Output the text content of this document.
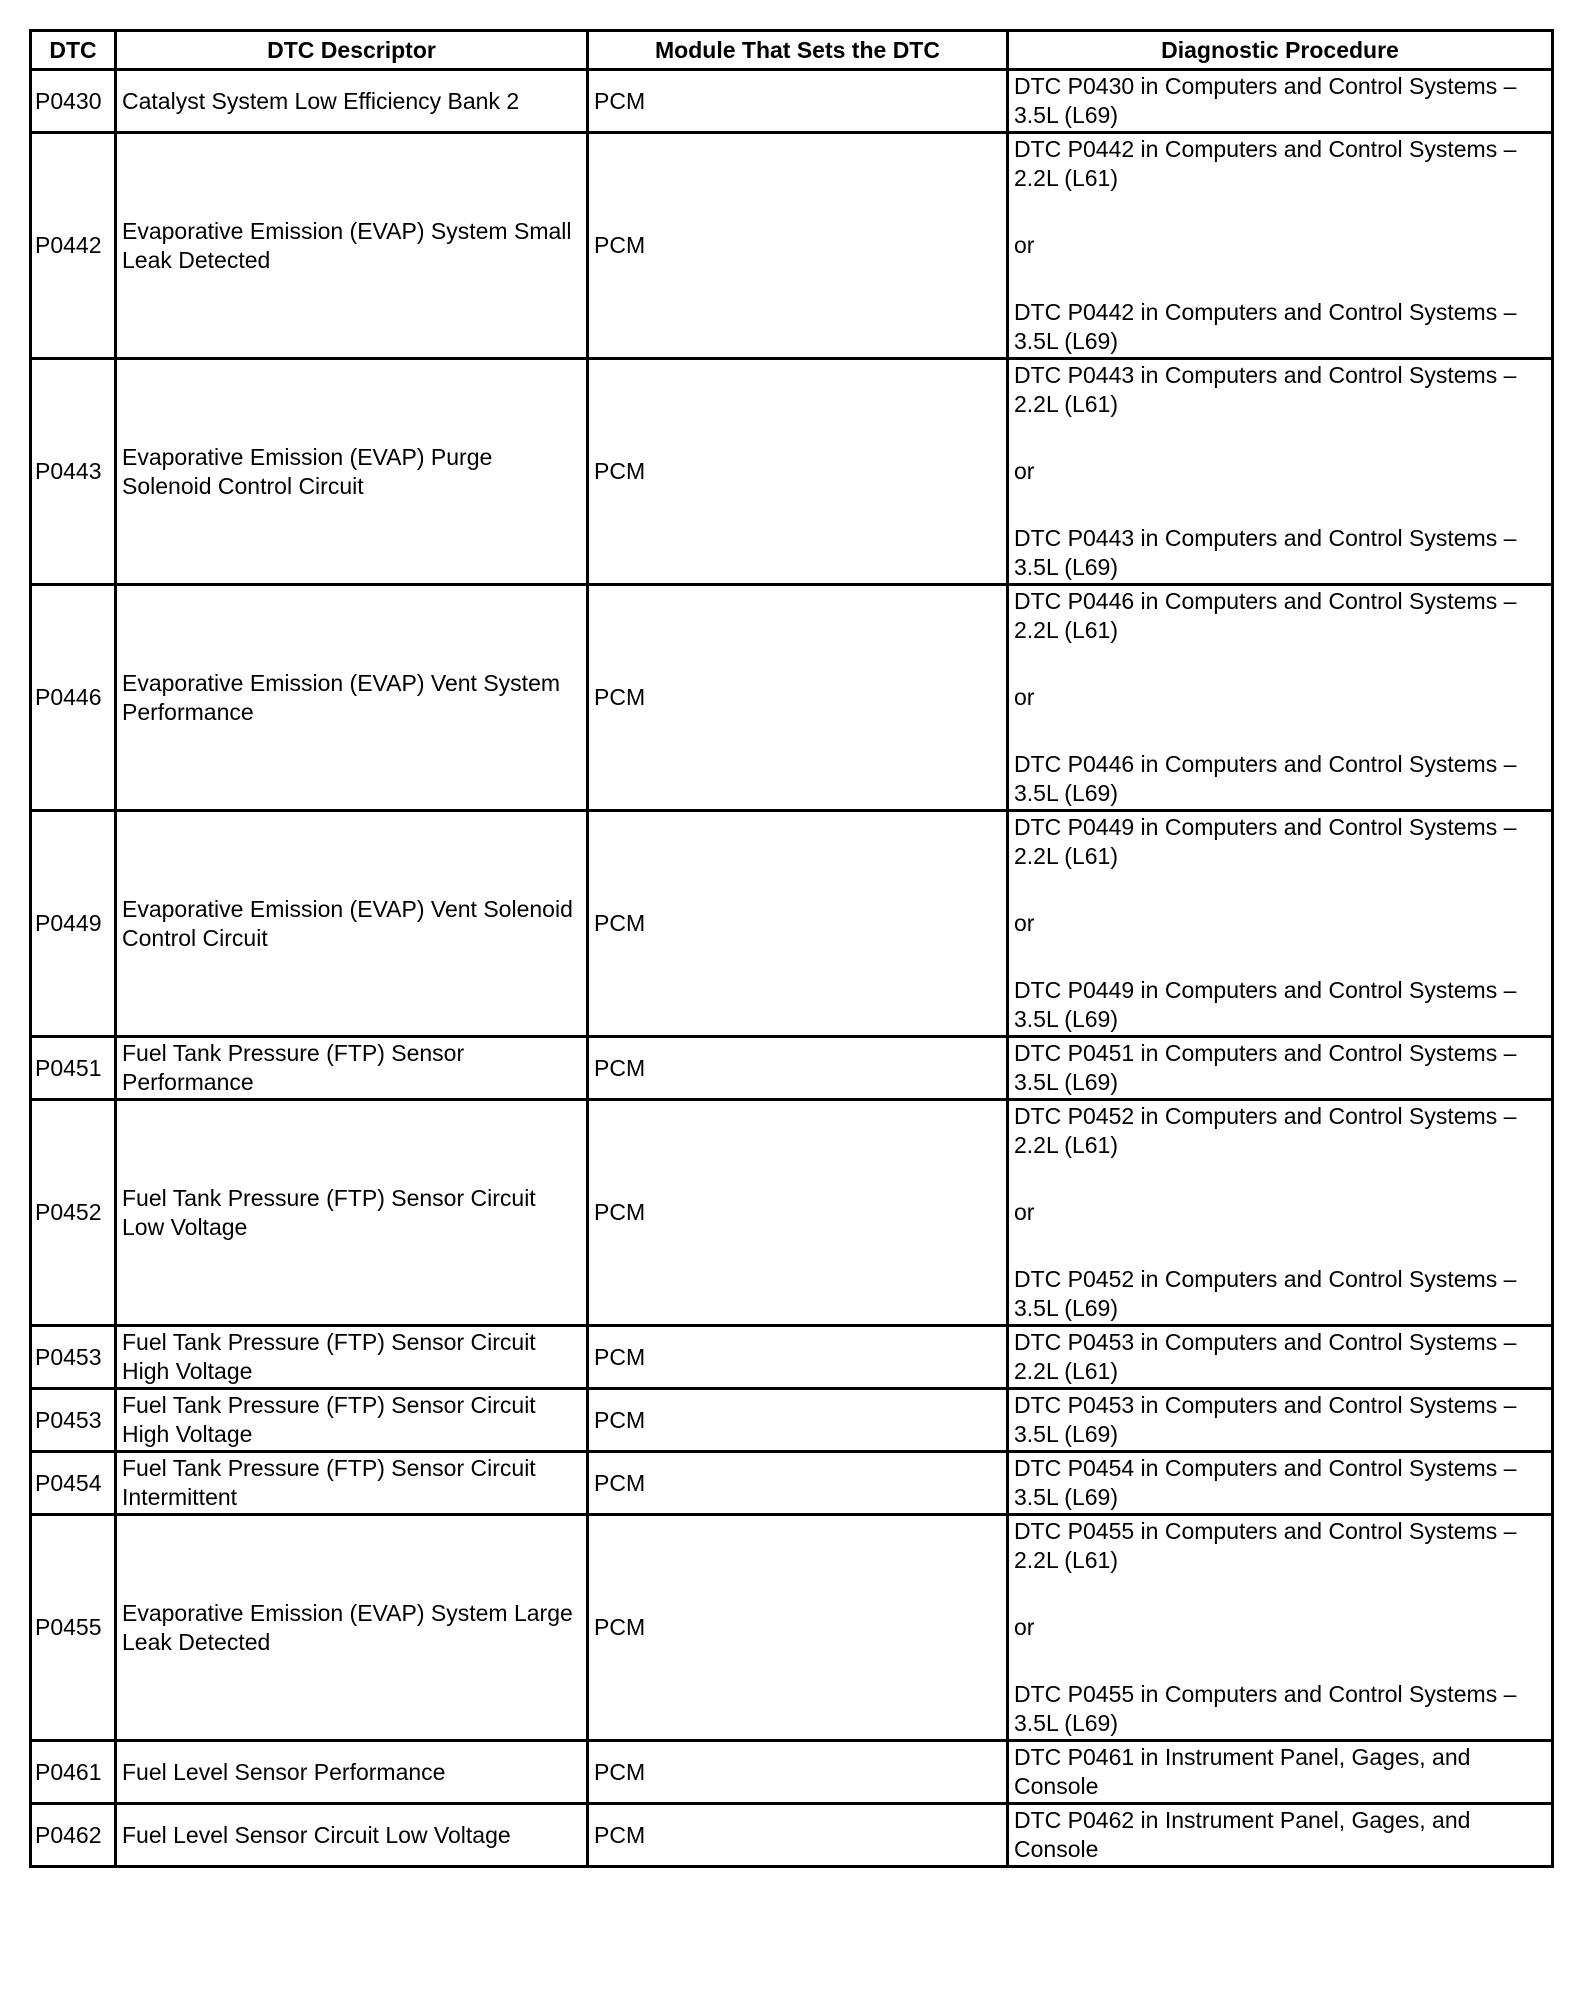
DTC	DTC Descriptor	Module That Sets the DTC	Diagnostic Procedure
P0430	Catalyst System Low Efficiency Bank 2	PCM	DTC P0430 in Computers and Control Systems – 3.5L (L69)

P0442	Evaporative Emission (EVAP) System Small Leak Detected	PCM	DTC P0442 in Computers and Control Systems – 2.2L (L61)
or
DTC P0442 in Computers and Control Systems – 3.5L (L69)

P0443	Evaporative Emission (EVAP) Purge Solenoid Control Circuit	PCM	DTC P0443 in Computers and Control Systems – 2.2L (L61)
or
DTC P0443 in Computers and Control Systems – 3.5L (L69)

P0446	Evaporative Emission (EVAP) Vent System Performance	PCM	DTC P0446 in Computers and Control Systems – 2.2L (L61)
or
DTC P0446 in Computers and Control Systems – 3.5L (L69)

P0449	Evaporative Emission (EVAP) Vent Solenoid Control Circuit	PCM	DTC P0449 in Computers and Control Systems – 2.2L (L61)
or
DTC P0449 in Computers and Control Systems – 3.5L (L69)

P0451	Fuel Tank Pressure (FTP) Sensor Performance	PCM	DTC P0451 in Computers and Control Systems – 3.5L (L69)

P0452	Fuel Tank Pressure (FTP) Sensor Circuit Low Voltage	PCM	DTC P0452 in Computers and Control Systems – 2.2L (L61)
or
DTC P0452 in Computers and Control Systems – 3.5L (L69)

P0453	Fuel Tank Pressure (FTP) Sensor Circuit High Voltage	PCM	DTC P0453 in Computers and Control Systems – 2.2L (L61)

P0453	Fuel Tank Pressure (FTP) Sensor Circuit High Voltage	PCM	DTC P0453 in Computers and Control Systems – 3.5L (L69)

P0454	Fuel Tank Pressure (FTP) Sensor Circuit Intermittent	PCM	DTC P0454 in Computers and Control Systems – 3.5L (L69)

P0455	Evaporative Emission (EVAP) System Large Leak Detected	PCM	DTC P0455 in Computers and Control Systems – 2.2L (L61)
or
DTC P0455 in Computers and Control Systems – 3.5L (L69)

P0461	Fuel Level Sensor Performance	PCM	DTC P0461 in Instrument Panel, Gages, and Console

P0462	Fuel Level Sensor Circuit Low Voltage	PCM	DTC P0462 in Instrument Panel, Gages, and Console
